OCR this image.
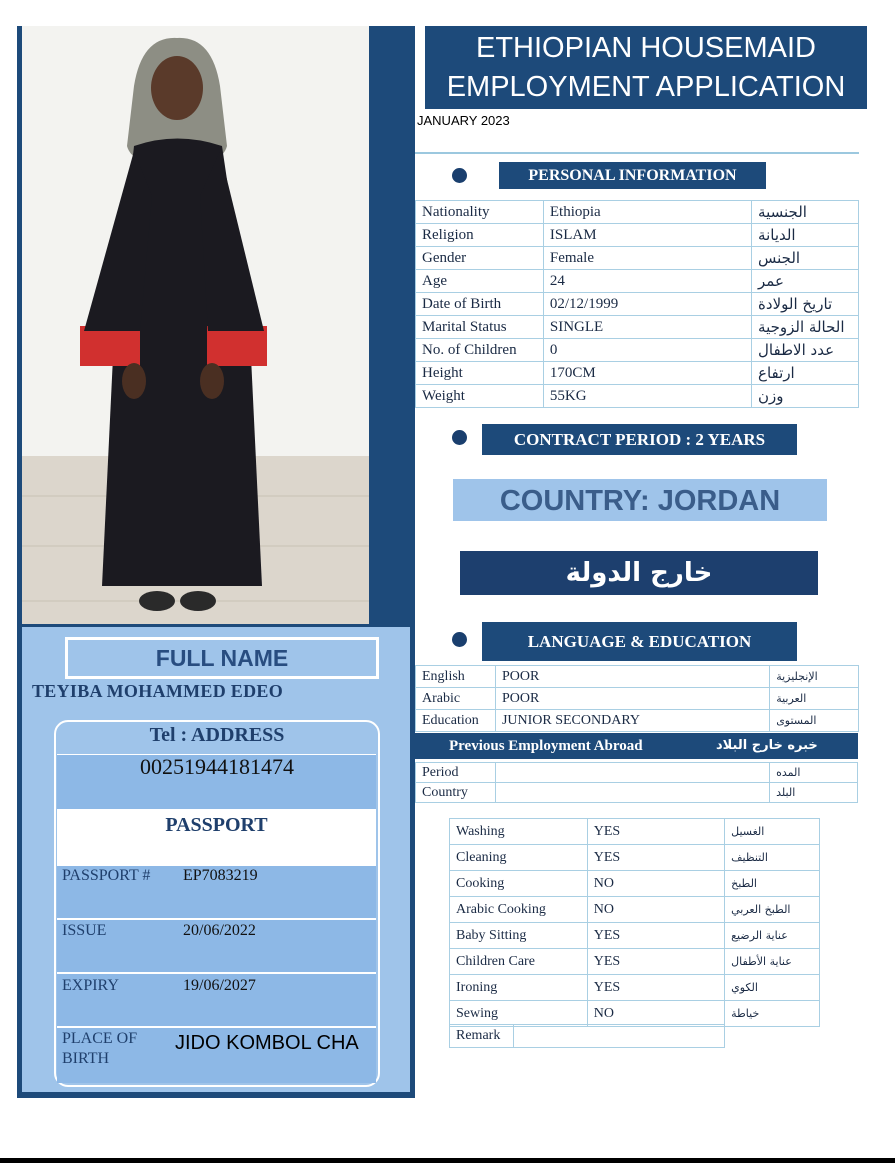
FULL NAME
TEYIBA MOHAMMED EDEO
Tel : ADDRESS
00251944181474
PASSPORT
PASSPORT # EP7083219
ISSUE	20/06/2022
EXPIRY	19/06/2027
PLACE OF
BIRTH
JIDO KOMBOL CHA
ETHIOPIAN HOUSEMAID
EMPLOYMENT APPLICATION
JANUARY 2023
PERSONAL INFORMATION
Nationality	Ethiopia	الجنسية
Religion	ISLAM	الديانة
Gender	Female	الجنس
Age	24	عمر
Date of Birth	02/12/1999	تاريخ الولادة
Marital Status	SINGLE	الحالة الزوجية
No. of Children	0	عدد الاطفال
Height	170CM	ارتفاع
Weight	55KG	وزن
CONTRACT PERIOD : 2 YEARS
COUNTRY: JORDAN
خارج الدولة
LANGUAGE & EDUCATION
English	POOR	الإنجليزية
Arabic	POOR	العربية
Education	JUNIOR SECONDARY	المستوى
Previous Employment Abroad	خبره خارج البلاد
Period		المده
Country		البلد
Washing	YES	الغسيل
Cleaning	YES	التنظيف
Cooking	NO	الطبخ
Arabic Cooking	NO	الطبخ العربي
Baby Sitting	YES	عناية الرضيع
Children Care	YES	عناية الأطفال
Ironing	YES	الكوي
Sewing	NO	خياطة
Remark	
